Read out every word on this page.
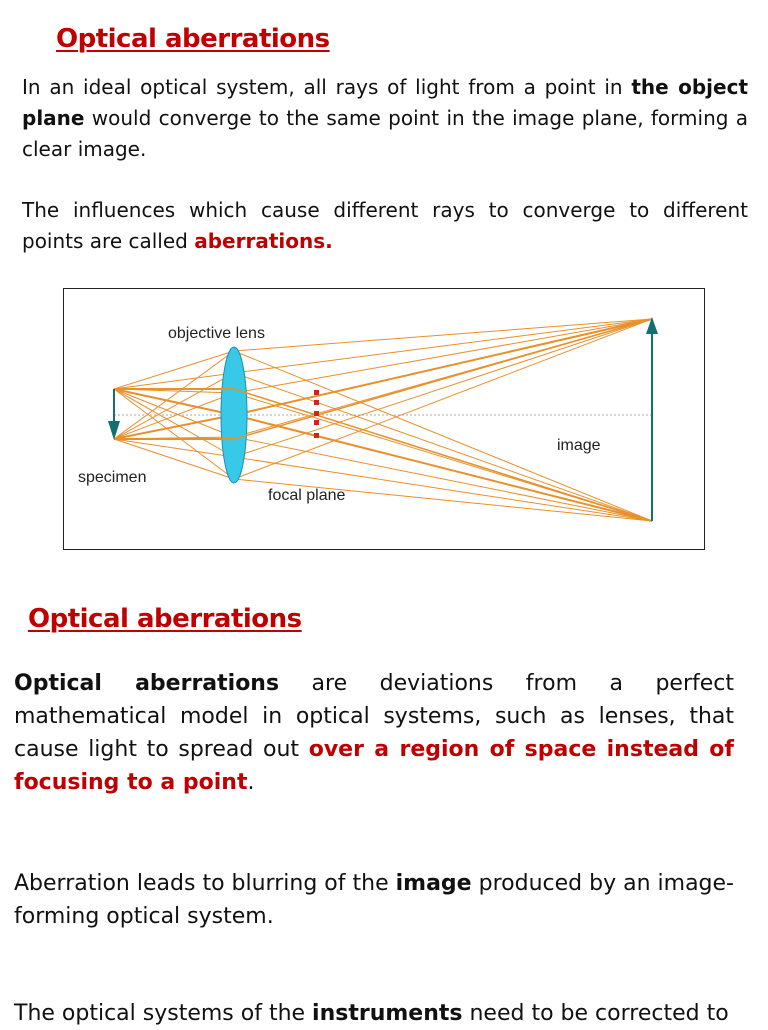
Optical aberrations

In an ideal optical system, all rays of light from a point in the object plane would converge to the same point in the image plane, forming a clear image.

The influences which cause different rays to converge to different points are called aberrations.

objective lens
specimen
focal plane
image
Optical aberrations

Optical aberrations are deviations from a perfect mathematical model in optical systems, such as lenses, that cause light to spread out over a region of space instead of focusing to a point.

Aberration leads to blurring of the image produced by an image-forming optical system.

The optical systems of the instruments need to be corrected to
